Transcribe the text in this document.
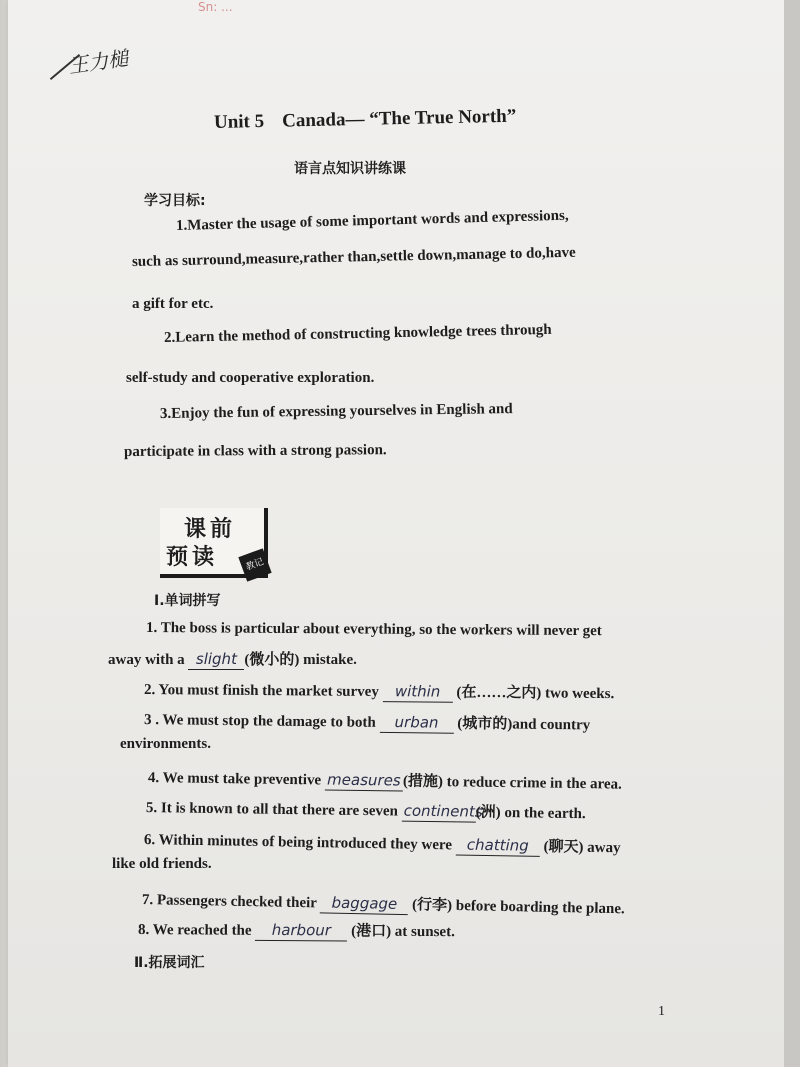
Sn: ...
王力槌
Unit 5 Canada— “The True North”
语言点知识讲练课
学习目标:
1.Master the usage of some important words and expressions,
such as surround,measure,rather than,settle down,manage to do,have
a gift for etc.
2.Learn the method of constructing knowledge trees through
self-study and cooperative exploration.
3.Enjoy the fun of expressing yourselves in English and
participate in class with a strong passion.
课前
预读	教记
Ⅰ.单词拼写
1. The boss is particular about everything, so the workers will never get
away with a slight (微小的) mistake.
2. You must finish the market survey within (在……之内) two weeks.
3 . We must stop the damage to both urban (城市的)and country
environments.
4. We must take preventive measures (措施) to reduce crime in the area.
5. It is known to all that there are seven continents(洲) on the earth.
6. Within minutes of being introduced they were chatting (聊天) away
like old friends.
7. Passengers checked their baggage (行李) before boarding the plane.
8. We reached the harbour (港口) at sunset.
Ⅱ.拓展词汇
1
